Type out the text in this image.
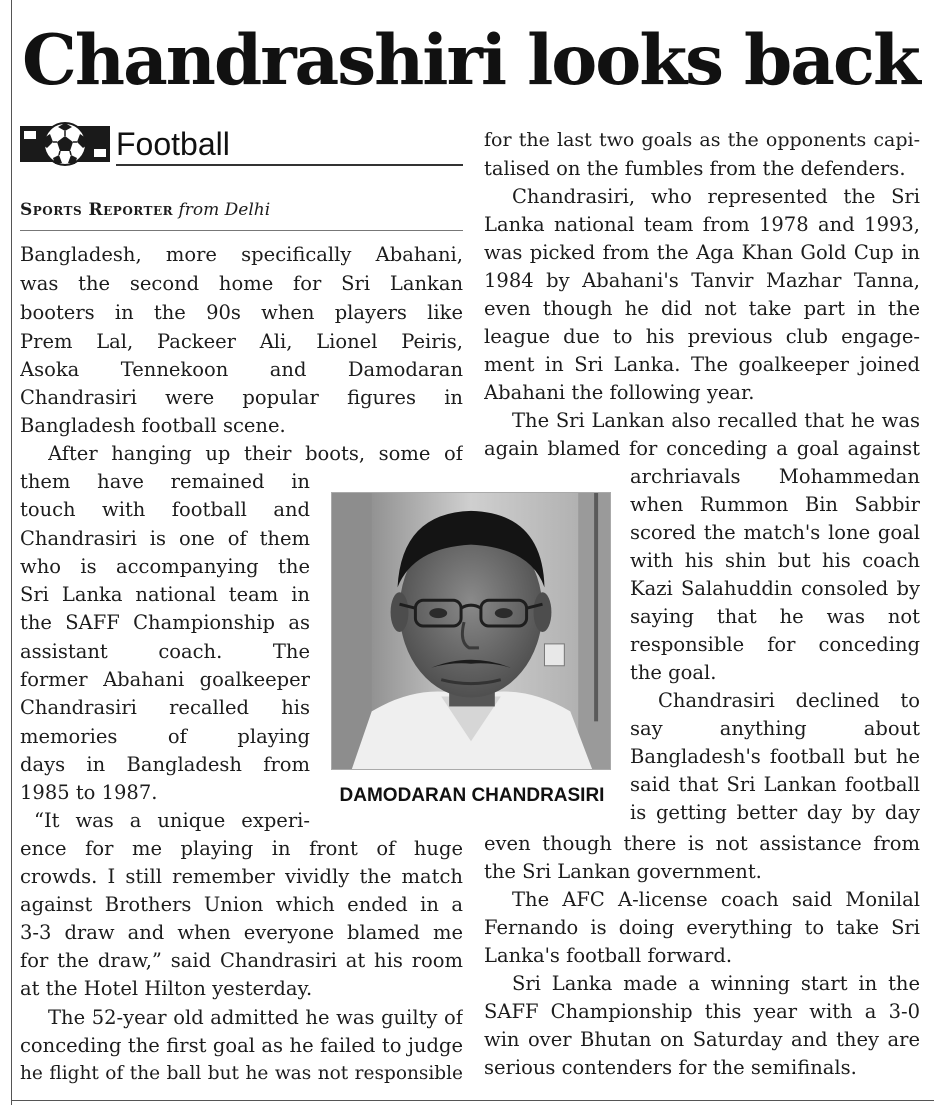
Chandrashiri looks back
Football
Sports Reporter from Delhi
Bangladesh, more specifically Abahani,
was the second home for Sri Lankan
booters in the 90s when players like
Prem Lal, Packeer Ali, Lionel Peiris,
Asoka Tennekoon and Damodaran
Chandrasiri were popular figures in
Bangladesh football scene.
After hanging up their boots, some of
them have remained in
touch with football and
Chandrasiri is one of them
who is accompanying the
Sri Lanka national team in
the SAFF Championship as
assistant coach. The
former Abahani goalkeeper
Chandrasiri recalled his
memories of playing
days in Bangladesh from
1985 to 1987.
“It was a unique experi-
ence for me playing in front of huge
crowds. I still remember vividly the match
against Brothers Union which ended in a
3-3 draw and when everyone blamed me
for the draw,” said Chandrasiri at his room
at the Hotel Hilton yesterday.
The 52-year old admitted he was guilty of
conceding the first goal as he failed to judge
he flight of the ball but he was not responsible
DAMODARAN CHANDRASIRI
for the last two goals as the opponents capi-
talised on the fumbles from the defenders.
Chandrasiri, who represented the Sri
Lanka national team from 1978 and 1993,
was picked from the Aga Khan Gold Cup in
1984 by Abahani's Tanvir Mazhar Tanna,
even though he did not take part in the
league due to his previous club engage-
ment in Sri Lanka. The goalkeeper joined
Abahani the following year.
The Sri Lankan also recalled that he was
again blamed for conceding a goal against
archriavals Mohammedan
when Rummon Bin Sabbir
scored the match's lone goal
with his shin but his coach
Kazi Salahuddin consoled by
saying that he was not
responsible for conceding
the goal.
Chandrasiri declined to
say anything about
Bangladesh's football but he
said that Sri Lankan football
is getting better day by day
even though there is not assistance from
the Sri Lankan government.
The AFC A-license coach said Monilal
Fernando is doing everything to take Sri
Lanka's football forward.
Sri Lanka made a winning start in the
SAFF Championship this year with a 3-0
win over Bhutan on Saturday and they are
serious contenders for the semifinals.
